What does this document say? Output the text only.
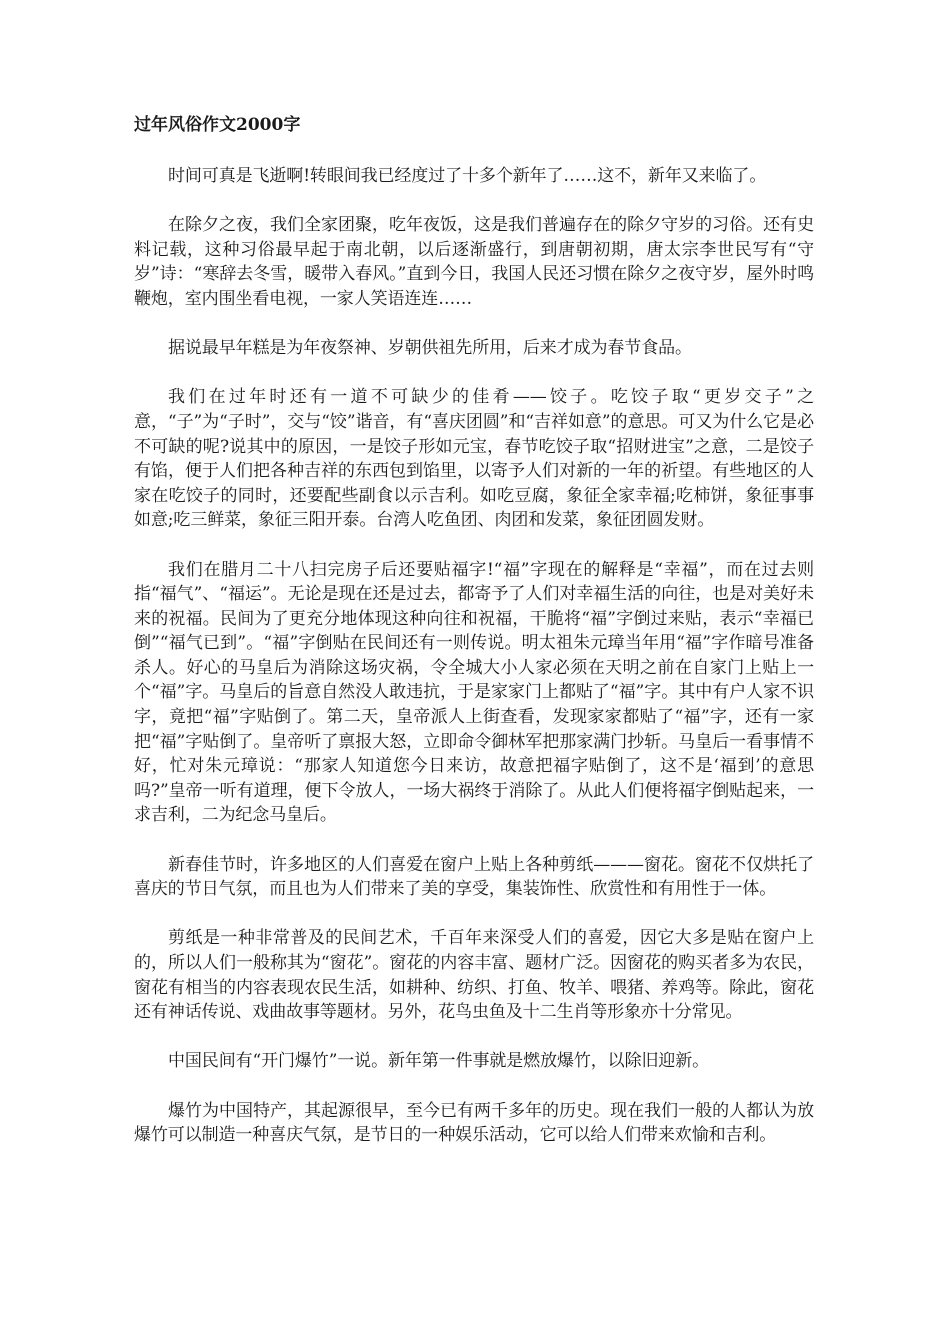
过年风俗作文2000字

时间可真是飞逝啊!转眼间我已经度过了十多个新年了……这不，新年又来临了。

在除夕之夜，我们全家团聚，吃年夜饭，这是我们普遍存在的除夕守岁的习俗。还有史料记载，这种习俗最早起于南北朝，以后逐渐盛行，到唐朝初期，唐太宗李世民写有“守岁”诗：“寒辞去冬雪，暖带入春风。”直到今日，我国人民还习惯在除夕之夜守岁，屋外时鸣鞭炮，室内围坐看电视，一家人笑语连连……

据说最早年糕是为年夜祭神、岁朝供祖先所用，后来才成为春节食品。

我们在过年时还有一道不可缺少的佳肴——饺子。吃饺子取“更岁交子”之意，“子”为“子时”，交与“饺”谐音，有“喜庆团圆”和“吉祥如意”的意思。可又为什么它是必不可缺的呢?说其中的原因，一是饺子形如元宝，春节吃饺子取“招财进宝”之意，二是饺子有馅，便于人们把各种吉祥的东西包到馅里，以寄予人们对新的一年的祈望。有些地区的人家在吃饺子的同时，还要配些副食以示吉利。如吃豆腐，象征全家幸福;吃柿饼，象征事事如意;吃三鲜菜，象征三阳开泰。台湾人吃鱼团、肉团和发菜，象征团圆发财。

我们在腊月二十八扫完房子后还要贴福字!“福”字现在的解释是“幸福”，而在过去则指“福气”、“福运”。无论是现在还是过去，都寄予了人们对幸福生活的向往，也是对美好未来的祝福。民间为了更充分地体现这种向往和祝福，干脆将“福”字倒过来贴，表示“幸福已倒”“福气已到”。“福”字倒贴在民间还有一则传说。明太祖朱元璋当年用“福”字作暗号准备杀人。好心的马皇后为消除这场灾祸，令全城大小人家必须在天明之前在自家门上贴上一个“福”字。马皇后的旨意自然没人敢违抗，于是家家门上都贴了“福”字。其中有户人家不识字，竟把“福”字贴倒了。第二天，皇帝派人上街查看，发现家家都贴了“福”字，还有一家把“福”字贴倒了。皇帝听了禀报大怒，立即命令御林军把那家满门抄斩。马皇后一看事情不好，忙对朱元璋说：“那家人知道您今日来访，故意把福字贴倒了，这不是‘福到’的意思吗?”皇帝一听有道理，便下令放人，一场大祸终于消除了。从此人们便将福字倒贴起来，一求吉利，二为纪念马皇后。

新春佳节时，许多地区的人们喜爱在窗户上贴上各种剪纸———窗花。窗花不仅烘托了喜庆的节日气氛，而且也为人们带来了美的享受，集装饰性、欣赏性和有用性于一体。

剪纸是一种非常普及的民间艺术，千百年来深受人们的喜爱，因它大多是贴在窗户上的，所以人们一般称其为“窗花”。窗花的内容丰富、题材广泛。因窗花的购买者多为农民，窗花有相当的内容表现农民生活，如耕种、纺织、打鱼、牧羊、喂猪、养鸡等。除此，窗花还有神话传说、戏曲故事等题材。另外，花鸟虫鱼及十二生肖等形象亦十分常见。

中国民间有“开门爆竹”一说。新年第一件事就是燃放爆竹，以除旧迎新。

爆竹为中国特产，其起源很早，至今已有两千多年的历史。现在我们一般的人都认为放爆竹可以制造一种喜庆气氛，是节日的一种娱乐活动，它可以给人们带来欢愉和吉利。
